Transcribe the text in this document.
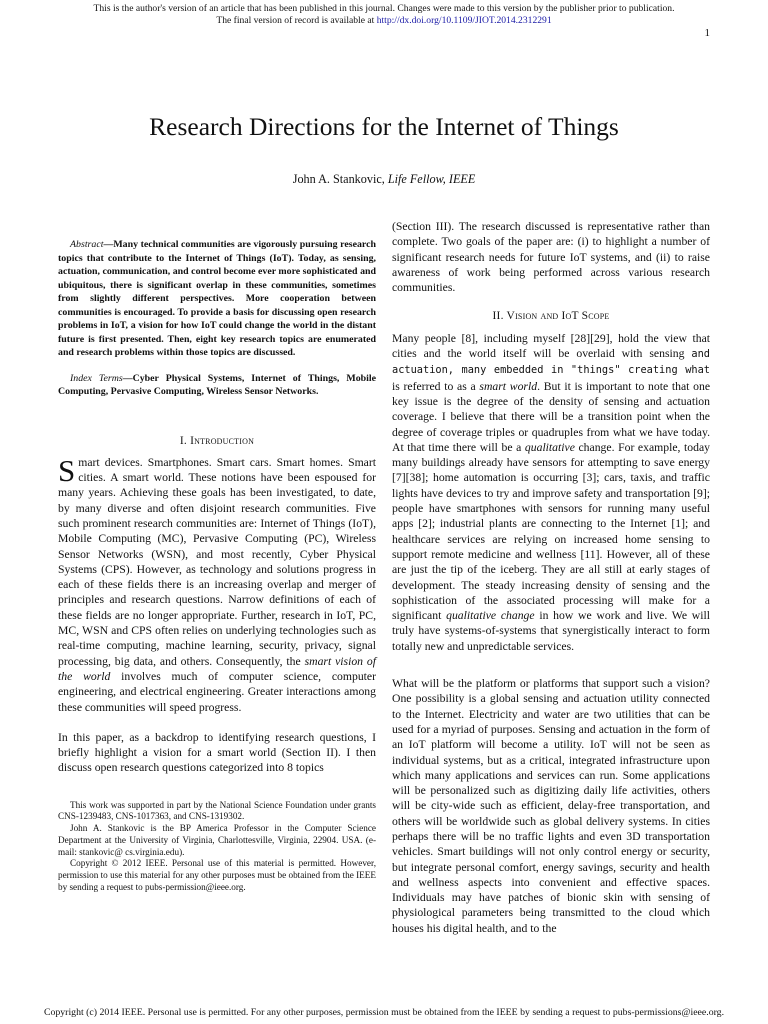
This is the author's version of an article that has been published in this journal. Changes were made to this version by the publisher prior to publication.
The final version of record is available at http://dx.doi.org/10.1109/JIOT.2014.2312291
1
Research Directions for the Internet of Things
John A. Stankovic, Life Fellow, IEEE

Abstract—Many technical communities are vigorously pursuing research topics that contribute to the Internet of Things (IoT). Today, as sensing, actuation, communication, and control become ever more sophisticated and ubiquitous, there is significant overlap in these communities, sometimes from slightly different perspectives. More cooperation between communities is encouraged. To provide a basis for discussing open research problems in IoT, a vision for how IoT could change the world in the distant future is first presented. Then, eight key research topics are enumerated and research problems within those topics are discussed.

Index Terms—Cyber Physical Systems, Internet of Things, Mobile Computing, Pervasive Computing, Wireless Sensor Networks.

I. Introduction

Smart devices. Smartphones. Smart cars. Smart homes. Smart cities. A smart world. These notions have been espoused for many years. Achieving these goals has been investigated, to date, by many diverse and often disjoint research communities. Five such prominent research communities are: Internet of Things (IoT), Mobile Computing (MC), Pervasive Computing (PC), Wireless Sensor Networks (WSN), and most recently, Cyber Physical Systems (CPS). However, as technology and solutions progress in each of these fields there is an increasing overlap and merger of principles and research questions. Narrow definitions of each of these fields are no longer appropriate. Further, research in IoT, PC, MC, WSN and CPS often relies on underlying technologies such as real-time computing, machine learning, security, privacy, signal processing, big data, and others. Consequently, the smart vision of the world involves much of computer science, computer engineering, and electrical engineering. Greater interactions among these communities will speed progress.

In this paper, as a backdrop to identifying research questions, I briefly highlight a vision for a smart world (Section II). I then discuss open research questions categorized into 8 topics

This work was supported in part by the National Science Foundation under grants CNS-1239483, CNS-1017363, and CNS-1319302.

John A. Stankovic is the BP America Professor in the Computer Science Department at the University of Virginia, Charlottesville, Virginia, 22904. USA. (e-mail: stankovic@ cs.virginia.edu).

Copyright © 2012 IEEE. Personal use of this material is permitted. However, permission to use this material for any other purposes must be obtained from the IEEE by sending a request to pubs-permission@ieee.org.

(Section III). The research discussed is representative rather than complete. Two goals of the paper are: (i) to highlight a number of significant research needs for future IoT systems, and (ii) to raise awareness of work being performed across various research communities.

II. Vision and IoT Scope

Many people [8], including myself [28][29], hold the view that cities and the world itself will be overlaid with sensing and actuation, many embedded in "things" creating what is referred to as a smart world. But it is important to note that one key issue is the degree of the density of sensing and actuation coverage. I believe that there will be a transition point when the degree of coverage triples or quadruples from what we have today. At that time there will be a qualitative change. For example, today many buildings already have sensors for attempting to save energy [7][38]; home automation is occurring [3]; cars, taxis, and traffic lights have devices to try and improve safety and transportation [9]; people have smartphones with sensors for running many useful apps [2]; industrial plants are connecting to the Internet [1]; and healthcare services are relying on increased home sensing to support remote medicine and wellness [11]. However, all of these are just the tip of the iceberg. They are all still at early stages of development. The steady increasing density of sensing and the sophistication of the associated processing will make for a significant qualitative change in how we work and live. We will truly have systems-of-systems that synergistically interact to form totally new and unpredictable services.

What will be the platform or platforms that support such a vision? One possibility is a global sensing and actuation utility connected to the Internet. Electricity and water are two utilities that can be used for a myriad of purposes. Sensing and actuation in the form of an IoT platform will become a utility. IoT will not be seen as individual systems, but as a critical, integrated infrastructure upon which many applications and services can run. Some applications will be personalized such as digitizing daily life activities, others will be city-wide such as efficient, delay-free transportation, and others will be worldwide such as global delivery systems. In cities perhaps there will be no traffic lights and even 3D transportation vehicles. Smart buildings will not only control energy or security, but integrate personal comfort, energy savings, security and health and wellness aspects into convenient and effective spaces. Individuals may have patches of bionic skin with sensing of physiological parameters being transmitted to the cloud which houses his digital health, and to the

Copyright (c) 2014 IEEE. Personal use is permitted. For any other purposes, permission must be obtained from the IEEE by sending a request to pubs-permissions@ieee.org.
